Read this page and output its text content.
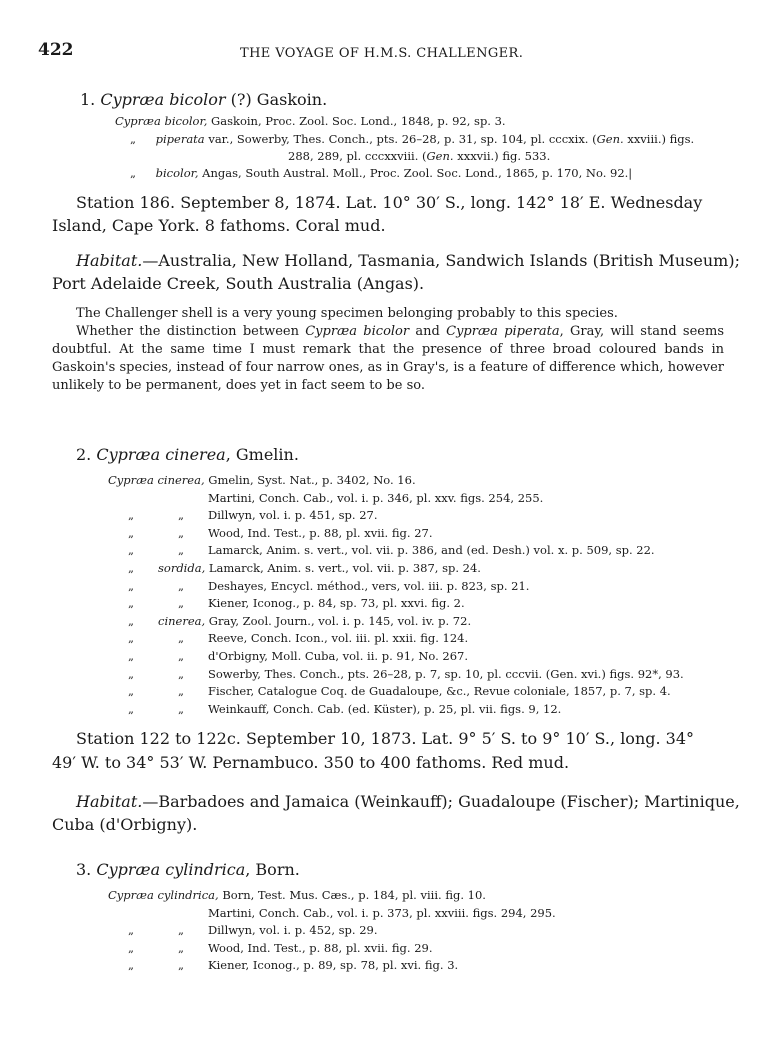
422	THE VOYAGE OF H.M.S. CHALLENGER.
1. Cypræa bicolor (?) Gaskoin.
Cypræa bicolor, Gaskoin, Proc. Zool. Soc. Lond., 1848, p. 92, sp. 3.
„ piperata var., Sowerby, Thes. Conch., pts. 26–28, p. 31, sp. 104, pl. cccxix. (Gen. xxviii.) figs.
288, 289, pl. cccxxviii. (Gen. xxxvii.) fig. 533.
„ bicolor, Angas, South Austral. Moll., Proc. Zool. Soc. Lond., 1865, p. 170, No. 92.|
Station 186. September 8, 1874. Lat. 10° 30′ S., long. 142° 18′ E. Wednesday
Island, Cape York. 8 fathoms. Coral mud.
Habitat.—Australia, New Holland, Tasmania, Sandwich Islands (British Museum);
Port Adelaide Creek, South Australia (Angas).
The Challenger shell is a very young specimen belonging probably to this species.
Whether the distinction between Cypræa bicolor and Cypræa piperata, Gray, will stand seems doubtful. At the same time I must remark that the presence of three broad coloured bands in Gaskoin's species, instead of four narrow ones, as in Gray's, is a feature of difference which, however unlikely to be permanent, does yet in fact seem to be so.
2. Cypræa cinerea, Gmelin.
Cypræa cinerea, Gmelin, Syst. Nat., p. 3402, No. 16.
Martini, Conch. Cab., vol. i. p. 346, pl. xxv. figs. 254, 255.
„	„ Dillwyn, vol. i. p. 451, sp. 27.
„	„ Wood, Ind. Test., p. 88, pl. xvii. fig. 27.
„	„ Lamarck, Anim. s. vert., vol. vii. p. 386, and (ed. Desh.) vol. x. p. 509, sp. 22.
„ sordida, Lamarck, Anim. s. vert., vol. vii. p. 387, sp. 24.
„	„ Deshayes, Encycl. méthod., vers, vol. iii. p. 823, sp. 21.
„	„ Kiener, Iconog., p. 84, sp. 73, pl. xxvi. fig. 2.
„ cinerea, Gray, Zool. Journ., vol. i. p. 145, vol. iv. p. 72.
„	„ Reeve, Conch. Icon., vol. iii. pl. xxii. fig. 124.
„	„ d'Orbigny, Moll. Cuba, vol. ii. p. 91, No. 267.
„	„ Sowerby, Thes. Conch., pts. 26–28, p. 7, sp. 10, pl. cccvii. (Gen. xvi.) figs. 92*, 93.
„	„ Fischer, Catalogue Coq. de Guadaloupe, &c., Revue coloniale, 1857, p. 7, sp. 4.
„	„ Weinkauff, Conch. Cab. (ed. Küster), p. 25, pl. vii. figs. 9, 12.
Station 122 to 122c. September 10, 1873. Lat. 9° 5′ S. to 9° 10′ S., long. 34°
49′ W. to 34° 53′ W. Pernambuco. 350 to 400 fathoms. Red mud.
Habitat.—Barbadoes and Jamaica (Weinkauff); Guadaloupe (Fischer); Martinique,
Cuba (d'Orbigny).
3. Cypræa cylindrica, Born.
Cypræa cylindrica, Born, Test. Mus. Cæs., p. 184, pl. viii. fig. 10.
Martini, Conch. Cab., vol. i. p. 373, pl. xxviii. figs. 294, 295.
„	„ Dillwyn, vol. i. p. 452, sp. 29.
„	„ Wood, Ind. Test., p. 88, pl. xvii. fig. 29.
„	„ Kiener, Iconog., p. 89, sp. 78, pl. xvi. fig. 3.
